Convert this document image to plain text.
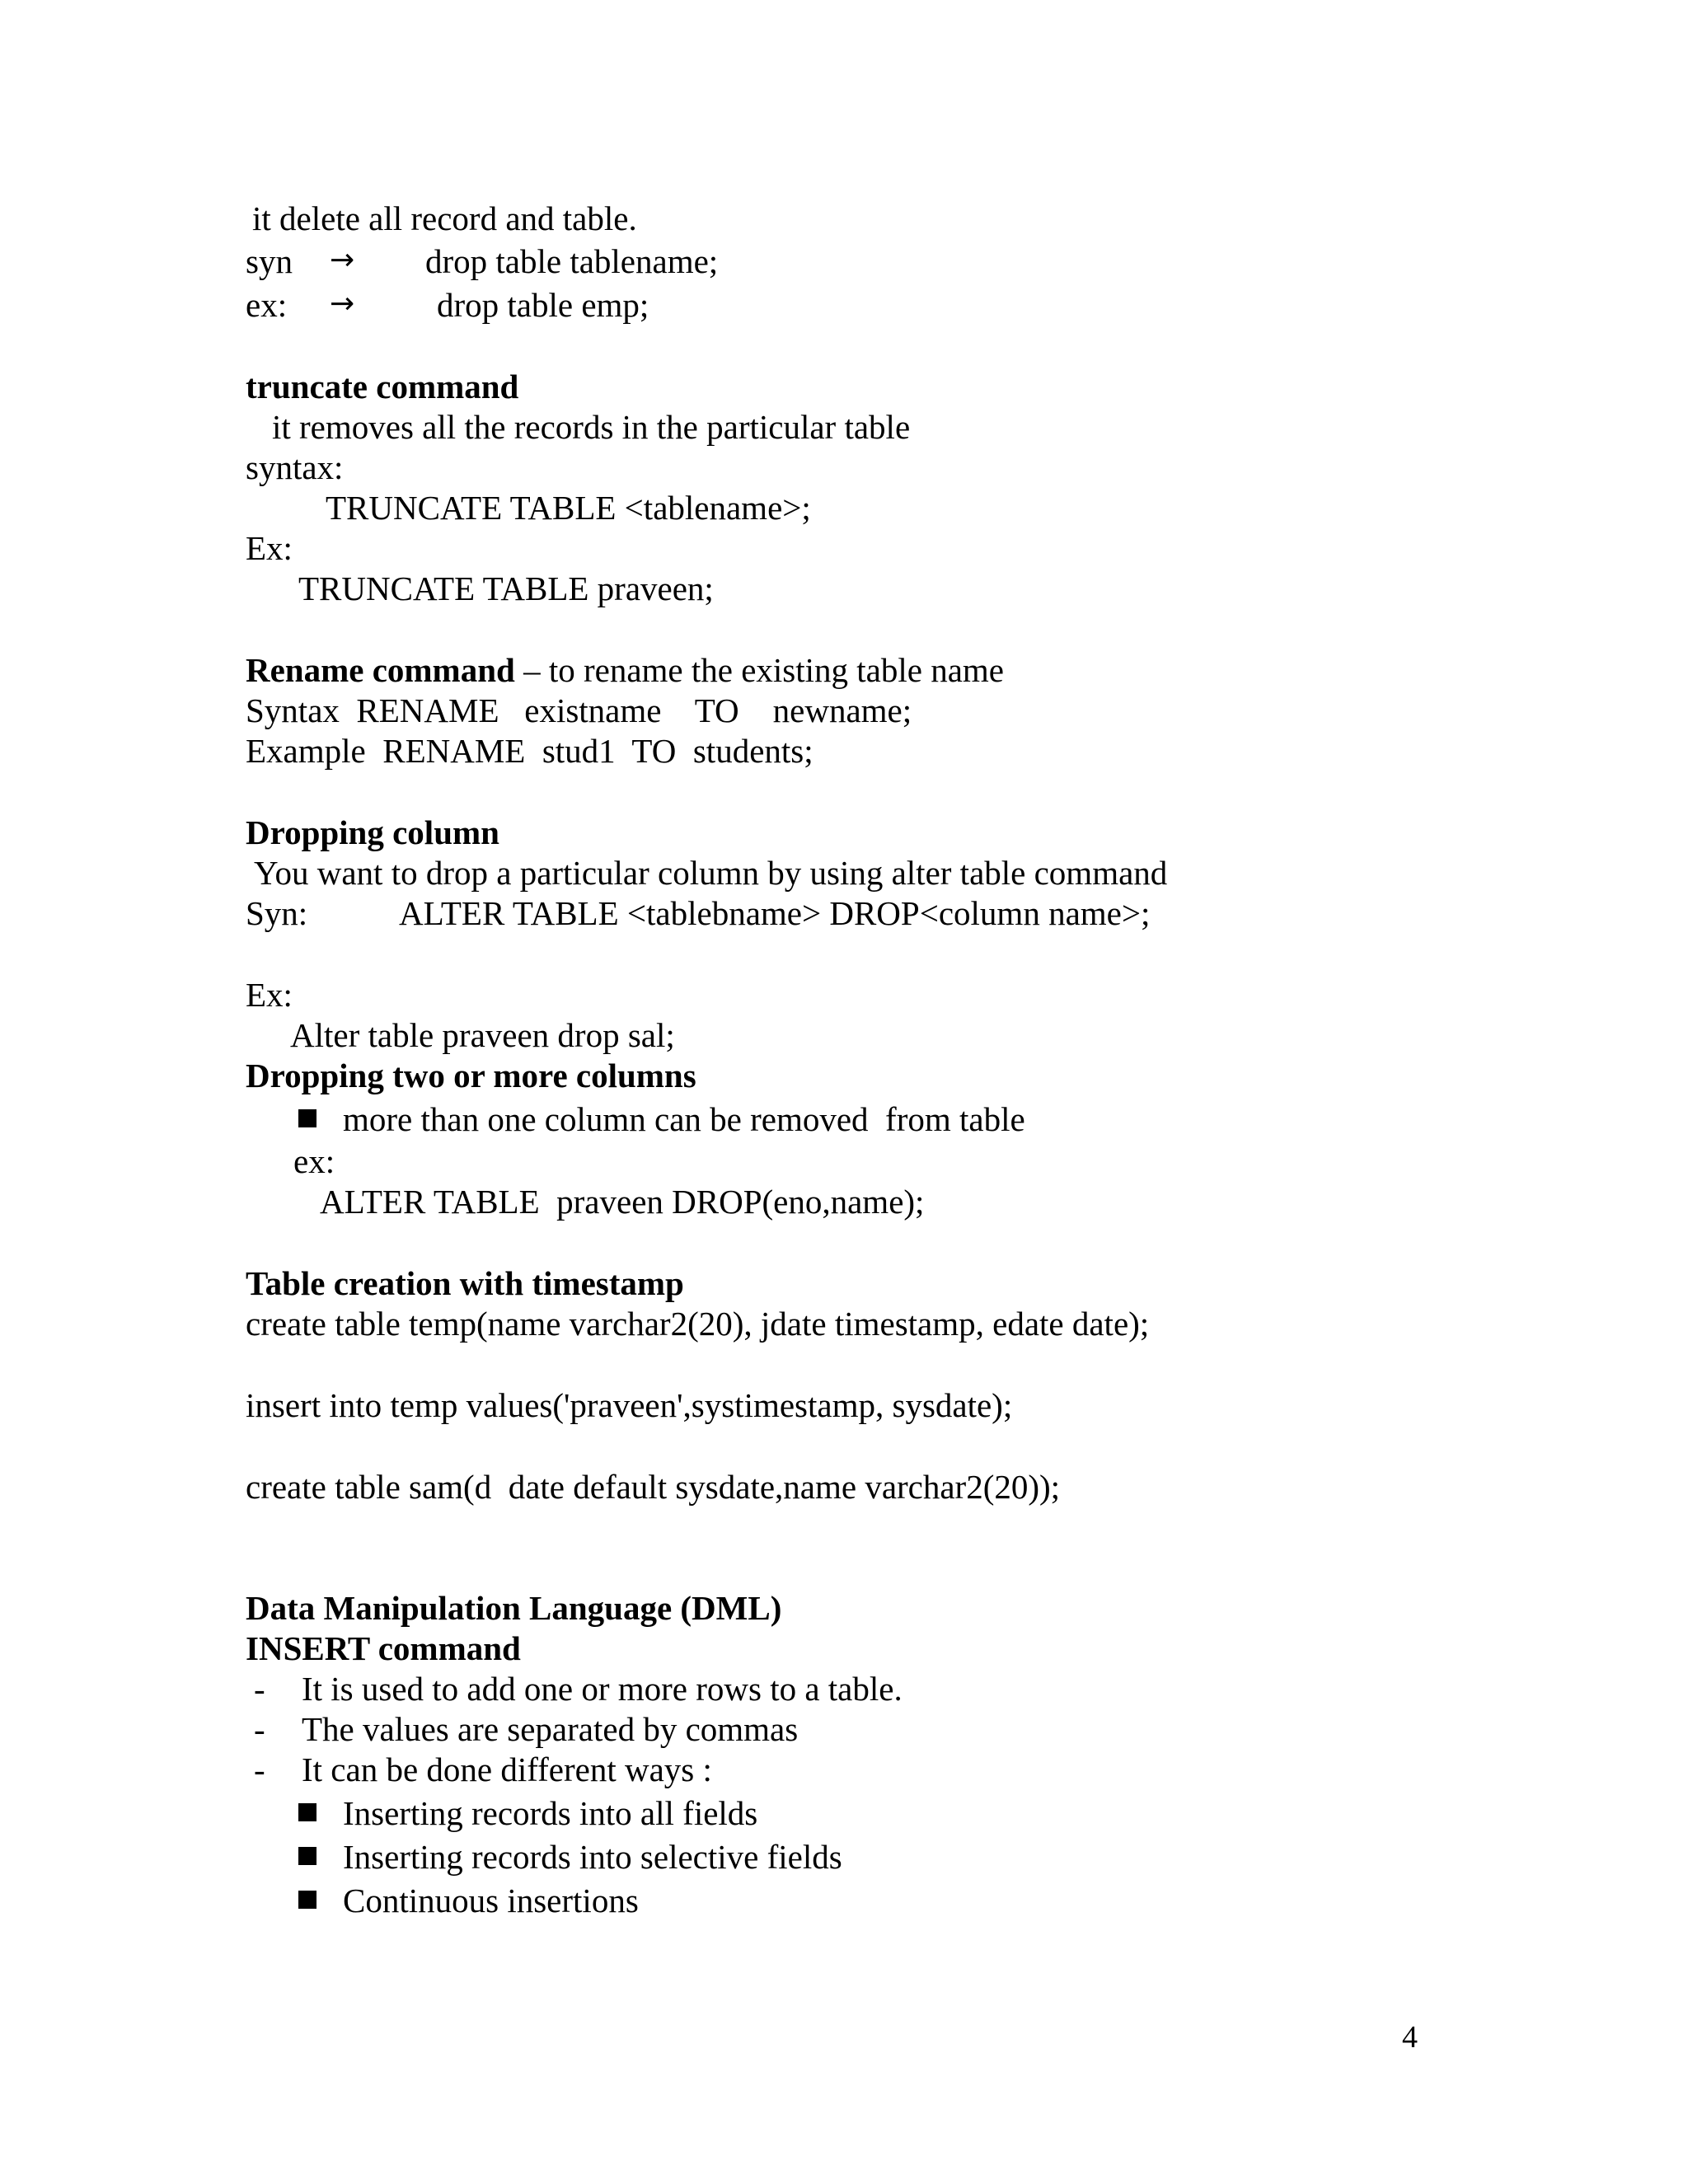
it delete all record and table.
syn → drop table tablename;
ex: → drop table emp;
truncate command
it removes all the records in the particular table
syntax:
TRUNCATE TABLE <tablename>;
Ex:
TRUNCATE TABLE praveen;
Rename command – to rename the existing table name
Syntax  RENAME   existname    TO    newname;
Example  RENAME  stud1  TO  students;
Dropping column
You want to drop a particular column by using alter table command
Syn:	ALTER TABLE <tablebname> DROP<column name>;
Ex:
Alter table praveen drop sal;
Dropping two or more columns
more than one column can be removed  from table
ex:
ALTER TABLE  praveen DROP(eno,name);
Table creation with timestamp
create table temp(name varchar2(20), jdate timestamp, edate date);
insert into temp values('praveen',systimestamp, sysdate);
create table sam(d  date default sysdate,name varchar2(20));
Data Manipulation Language (DML)
INSERT command
- It is used to add one or more rows to a table.
- The values are separated by commas
- It can be done different ways :
Inserting records into all fields
Inserting records into selective fields
Continuous insertions
4
